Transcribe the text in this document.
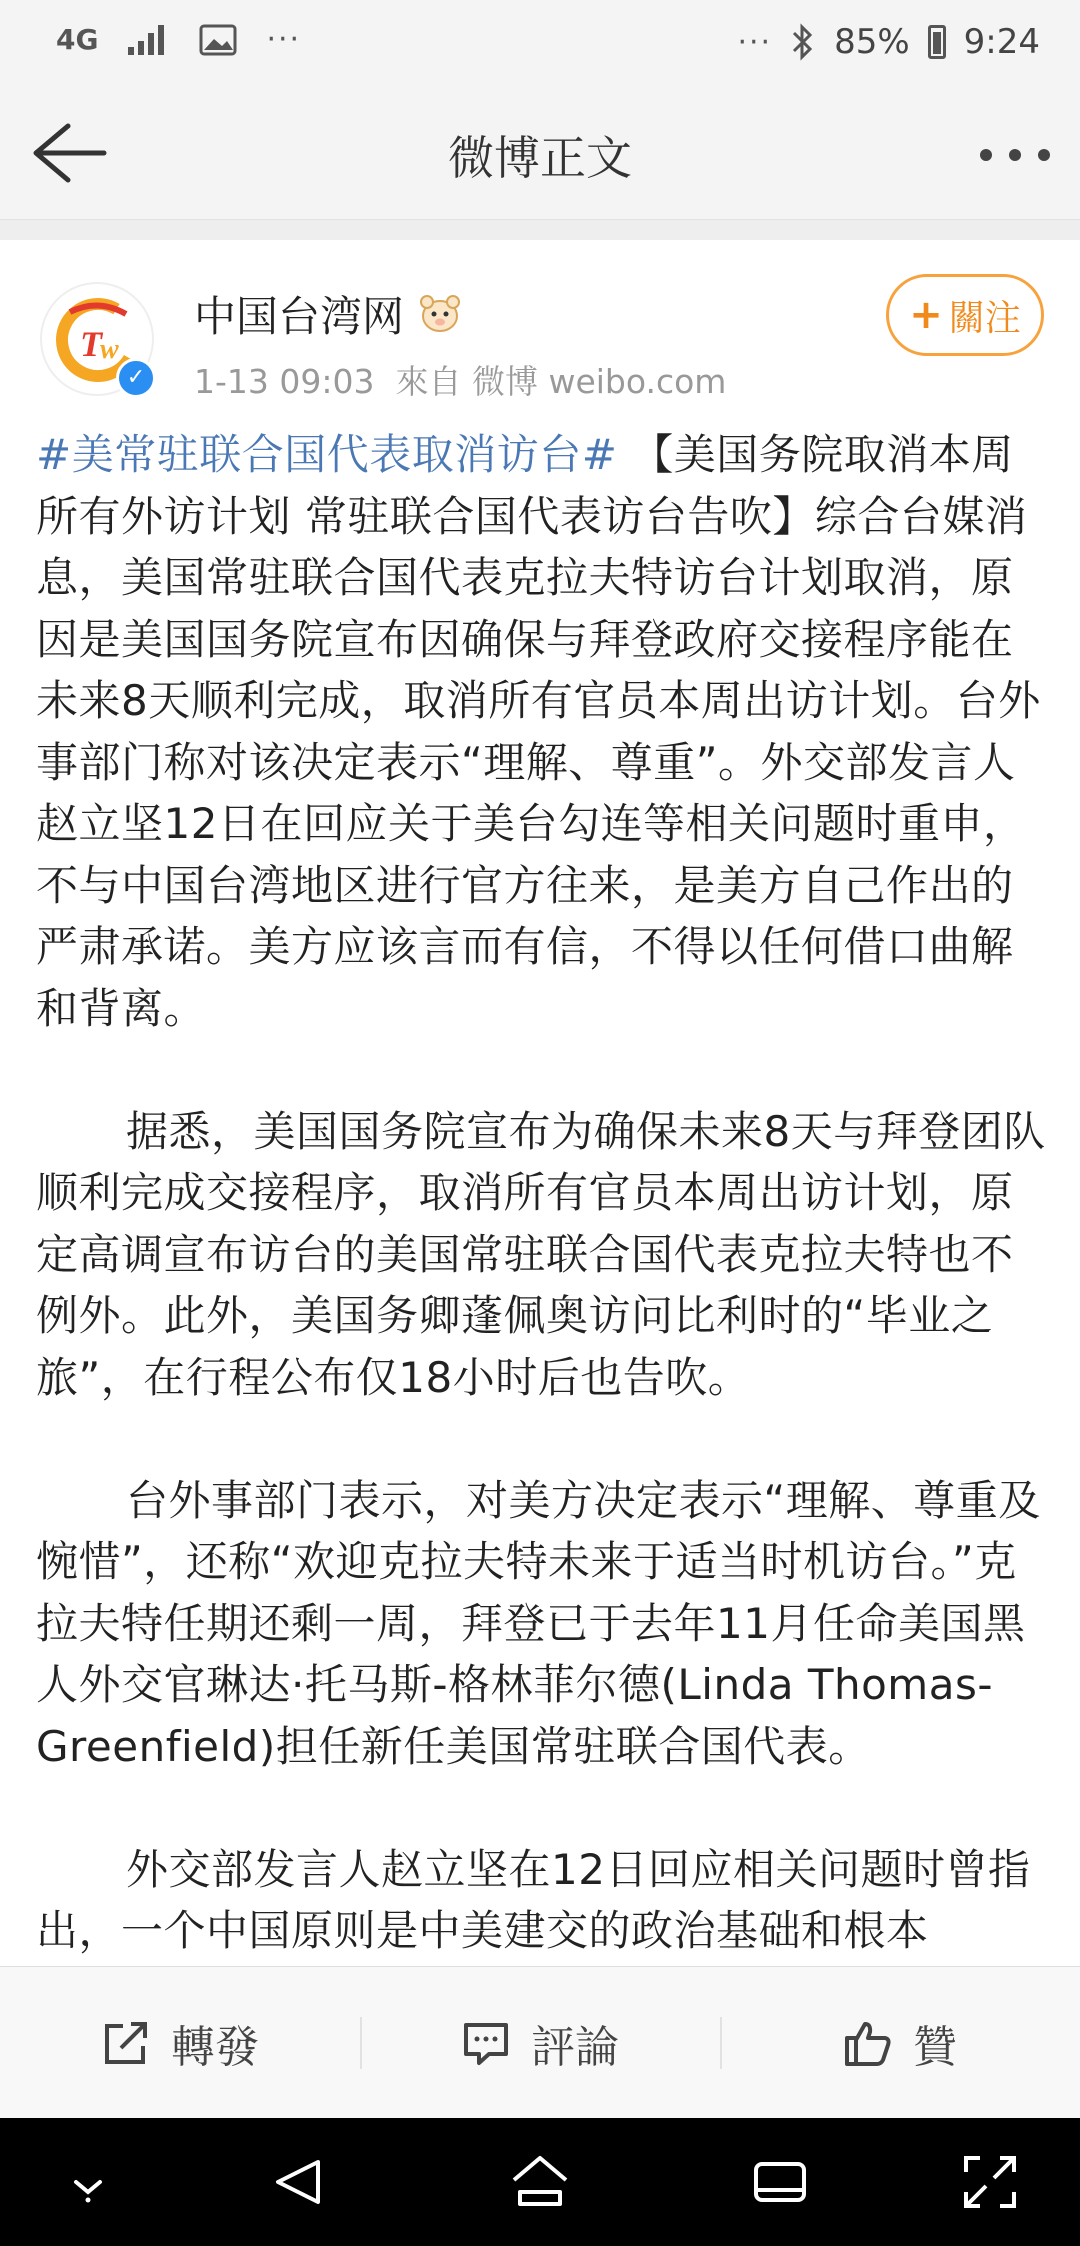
4G	···	··· 85% 9:24
微博正文
T
w
✓
中国台湾网
1-13 09:03 來自 微博 weibo.com
+ 關注

#美常驻联合国代表取消访台# 【美国务院取消本周所有外访计划 常驻联合国代表访台告吹】综合台媒消息，美国常驻联合国代表克拉夫特访台计划取消，原因是美国国务院宣布因确保与拜登政府交接程序能在未来8天顺利完成，取消所有官员本周出访计划。台外事部门称对该决定表示“理解、尊重”。外交部发言人赵立坚12日在回应关于美台勾连等相关问题时重申，不与中国台湾地区进行官方往来，是美方自己作出的严肃承诺。美方应该言而有信，不得以任何借口曲解和背离。

据悉，美国国务院宣布为确保未来8天与拜登团队顺利完成交接程序，取消所有官员本周出访计划，原定高调宣布访台的美国常驻联合国代表克拉夫特也不例外。此外，美国务卿蓬佩奥访问比利时的“毕业之旅”，在行程公布仅18小时后也告吹。

台外事部门表示，对美方决定表示“理解、尊重及惋惜”，还称“欢迎克拉夫特未来于适当时机访台。”克拉夫特任期还剩一周，拜登已于去年11月任命美国黑人外交官琳达·托马斯-格林菲尔德(Linda Thomas-Greenfield)担任新任美国常驻联合国代表。

外交部发言人赵立坚在12日回应相关问题时曾指出，一个中国原则是中美建交的政治基础和根本

轉發	評論	贊
